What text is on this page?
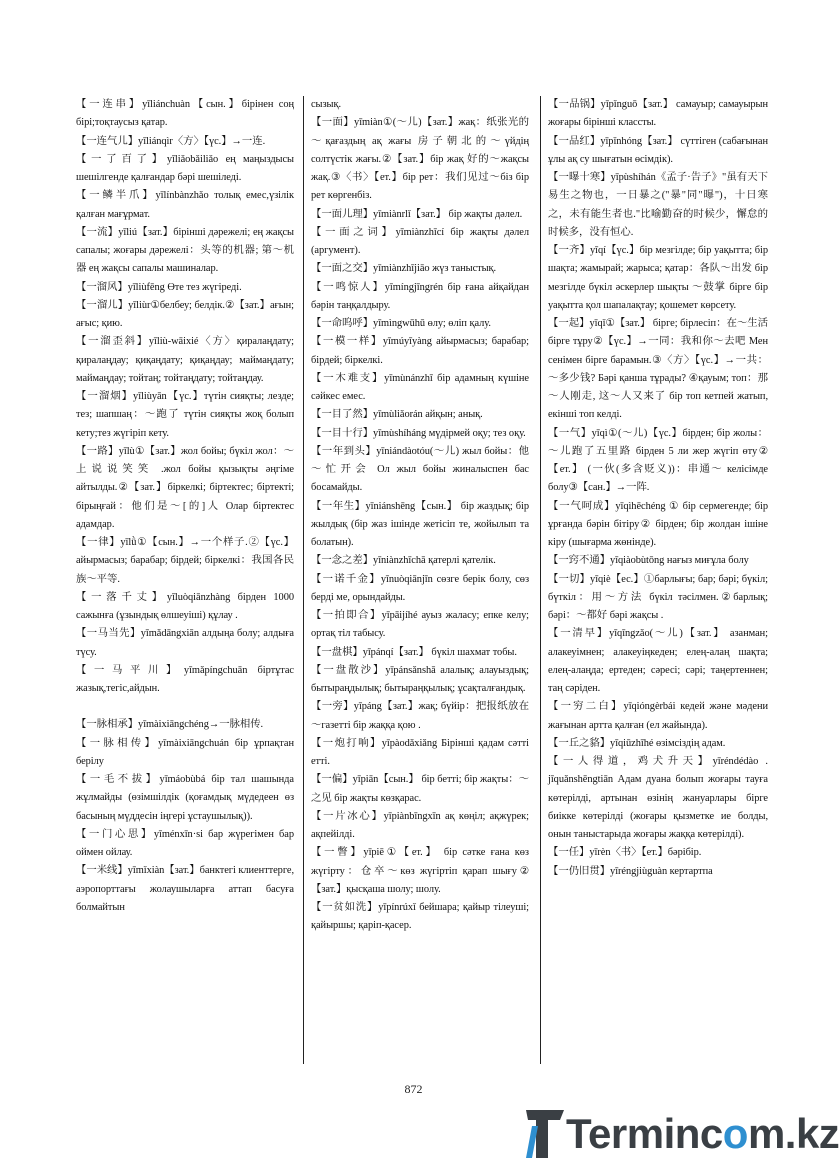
【一连串】yīliánchuàn【сын.】бірінен соң бірі;тоқтаусыз қатар.

【一连气儿】yīliánqìr〈方〉【үс.】→一连.

【一了百了】yīliǎobǎiliǎo ең маңыздысы шешілгенде қалғандар бәрі шешіледі.

【一鳞半爪】yīlínbànzhǎo толық емес,үзілік қалған мағұрмат.

【一流】yīliú【зат.】бірінші дәрежелі; ең жақсы сапалы; жоғары дәрежелі：头等的机器; 第～机器 ең жақсы сапалы машиналар.

【一溜风】yīliùfēng Өте тез жүгіреді.

【一溜儿】yīliùr①белбеу; белдік.②【зат.】ағын; ағыс; қию.

【一溜歪斜】yīliù-wāixié〈方〉қиралаңдату; қиралаңдау; қиқаңдату; қиқаңдау; маймаңдату; маймаңдау; тойтаң; тойтаңдату; тойтаңдау.

【一溜烟】yīliùyān【үс.】түтін сияқты; лезде; тез; шапшаң：～跑了 түтін сияқты жоқ болып кету;тез жүгіріп кету.

【一路】yīlù①【зат.】жол бойы; бүкіл жол：～上说说笑笑 .жол бойы қызықты әңгіме айтылды.②【зат.】біркелкі; біртектес; біртекті; бірыңғай：他们是～[的]人 Олар біртектес адамдар.

【一律】yīlǜ①【сын.】→一个样子.②【үс.】айырмасыз; барабар; бірдей; біркелкі：我国各民族～平等.

【一落千丈】yīluòqiānzhàng бірден 1000 сажынға (ұзындық өлшеуіші) құлау .

【一马当先】yīmǎdāngxiān алдыңа болу; алдыға түсу.

【一马平川】yīmǎpíngchuān біртұтас жазық,тегіс,айдын.

【一脉相承】yīmàixiāngchéng→一脉相传.

【一脉相传】yīmàixiāngchuán бір ұрпақтан берілу

【一毛不拔】yīmáobùbá бір тал шашында жұлмайды (өзімшілдік (қоғамдық мүдедеен өз басының мүддесін іңгері ұстаушылық)).

【一门心思】yīménxīn·si бар жүрегімен бар оймен ойлау.

【一米线】yīmǐxiàn【зат.】банктегі клиенттерге, аэропорттағы жолаушыларға аттап басуға болмайтын

сызық.

【一面】yīmiàn①(～儿)【зат.】жақ：纸张光的～қағаздың ақ жағы 房子朝北的～үйдің солтүстік жағы.②【зат.】бір жақ 好的～жақсы жақ.③〈书〉【ет.】бір рет：我们见过～біз бір рет көргенбіз.

【一面儿理】yīmiànrlǐ【зат.】 бір жақты дәлел.

【一面之词】yīmiànzhīcí бір жақты дәлел (аргумент).

【一面之交】yīmiànzhījiāo жүз таныстық.

【一鸣惊人】yīmíngjīngrén бір ғана айқайдан бәрін таңқалдыру.

【一命呜呼】yīmìngwūhū өлу; өліп қалу.

【一模一样】yīmúyīyàng айырмасыз; барабар; бірдей; біркелкі.

【一木难支】yīmùnánzhī бір адамның күшіне сәйкес емес.

【一目了然】yīmùliǎorán айқын; анық.

【一目十行】yīmùshíháng мүдірмей оқу; тез оқу.

【一年到头】yīniándàotóu(～儿) жыл бойы：他～忙开会 Ол жыл бойы жиналыспен бас босамайды.

【一年生】yīniánshēng【сын.】 бір жаздық; бір жылдық (бір жаз ішінде жетісіп те, жойылып та болатын).

【一念之差】yīniànzhīchā қатерлі қателік.

【一诺千金】yīnuòqiānjīn сөзге берік болу, сөз берді ме, орындайды.

【一拍即合】yīpāijíhé ауыз жаласу; епке келу; ортақ тіл табысу.

【一盘棋】yīpánqí【зат.】 бүкіл шахмат тобы.

【一盘散沙】yīpánsǎnshā алалық; алауыздық; бытыраңдылық; бытыраңқылық; ұсақталғандық.

【一旁】yīpáng【зат.】жақ; бүйір：把报纸放在～газетті бір жаққа қою .

【一炮打响】yīpàodǎxiǎng Бірінші қадам сәтті етті.

【一偏】yīpiān【сын.】 бір бетті; бір жақты：～之见 бір жақты көзқарас.

【一片冰心】yīpiànbīngxīn ақ көңіл; ақжүрек; ақпейілді.

【一瞥】yīpiē①【ет.】 бір сәтке ғана көз жүгірту：仓卒～көз жүгіртіп қарап шығу②【зат.】қысқаша шолу; шолу.

【一贫如洗】yīpínrúxǐ бейшара; қайыр тілеуші; қайыршы; қаріп-қасер.

【一品锅】yīpǐnguō【зат.】 самауыр; самауырын жоғары бірінші класcты.

【一品红】yīpǐnhóng【зат.】 сүттіген (сабағынан ұлы ақ су шығатын өсімдік).

【一曝十寒】yīpùshíhán《孟子·告子》"虽有天下易生之物也，一日暴之("暴"同"曝")，十日寒之，未有能生者也."比喻勤奋的时候少，懈怠的时候多，没有恒心.

【一齐】yīqí【үс.】бір мезгілде; бір уақытта; бір шақта; жамырай; жарыса; қатар：各队～出发 бір мезгілде бүкіл әскерлер шықты ～鼓掌 бірге бір уақытта қол шапалақтау; қошемет көрсету.

【一起】yīqǐ①【зат.】 бірге; бірлесіп：在～生活 бірге тұру②【үс.】→一同：我和你～去吧 Мен сенімен бірге барамын.③〈方〉【үс.】→一共：～多少钱? Бәрі қанша тұрады? ④қауым; топ：那～人刚走, 这～人又来了 бір топ кетпей жатып, екінші топ келді.

【一气】yīqì①(～儿)【үс.】бірден; бір жолы：～儿跑了五里路 бірден 5 ли жер жүгіп өту②【ет.】 (一伙(多含贬义))：串通～ келісімде болу③【сан.】→一阵.

【一气呵成】yīqìhēchéng ① бір сермегенде; бір ұрғанда бәрін бітіру② бірден; бір жолдан ішіне кіру (шығарма жөнінде).

【一窍不通】yīqiàobùtōng нағыз миғұла болу

【一切】yīqiè【ес.】①барлығы; бар; бәрі; бүкіл; бүткіл：用～方法 бүкіл тәсілмен.②барлық; бәрі：～都好 бәрі жақсы .

【一清早】yīqīngzǎo(～儿)【зат.】 азанман; алакеуімнен; алакеуіңкеден; елең-алаң шақта; елең-алаңда; ертеден; сәресі; сәрі; таңертеннен; таң сәріден.

【一穷二白】yīqióngèrbái кедей және мәдени жағынан артта қалған (ел жайында).

【一丘之貉】yīqiūzhīhé өзімсіздің адам.

【一人得道，鸡犬升天】yīréndédào . jīquǎnshēngtiān Адам дуана болып жоғары тауға көтерілді, артынан өзінің жануарлары бірге биікке көтерілді (жоғары қызметке ие болды, онын таныстарыда жоғары жаққа көтерілді).

【一任】yīrèn〈书〉【ет.】бәрібір.

【一仍旧贯】yīréngjiùguàn кертартпа

872
Termincom.kz
